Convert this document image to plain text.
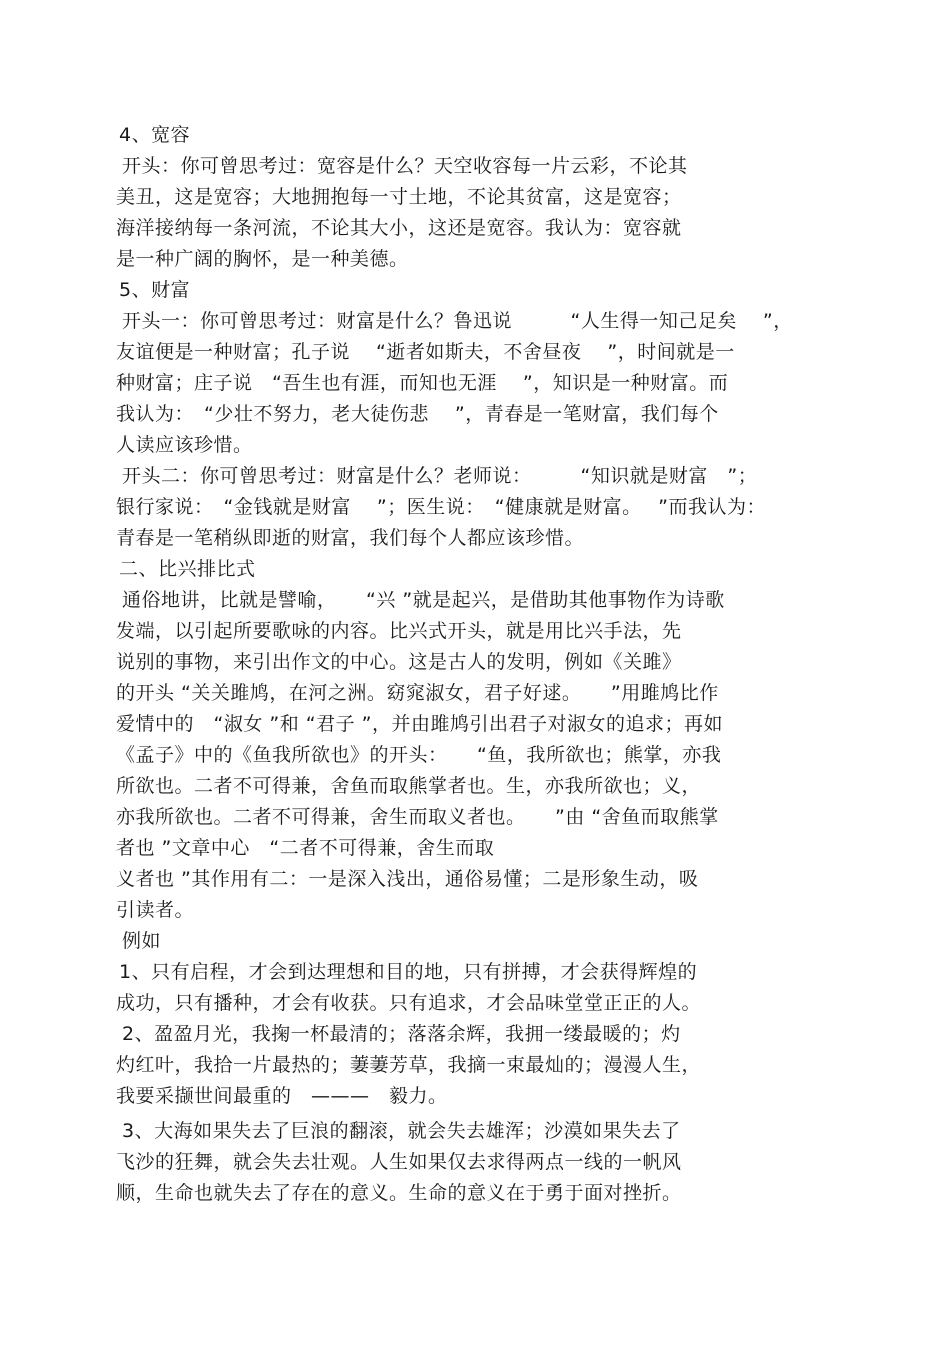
4、宽容
开头：你可曾思考过：宽容是什么？天空收容每一片云彩，不论其
美丑，这是宽容；大地拥抱每一寸土地，不论其贫富，这是宽容；
海洋接纳每一条河流，不论其大小，这还是宽容。我认为：宽容就
是一种广阔的胸怀，是一种美德。
5、财富
开头一：你可曾思考过：财富是什么？鲁迅说　　　“人生得一知己足矣　 ”，
友谊便是一种财富；孔子说　 “逝者如斯夫，不舍昼夜　 ”，时间就是一
种财富；庄子说　“吾生也有涯，而知也无涯　 ”，知识是一种财富。而
我认为：　“少壮不努力，老大徒伤悲　 ”，青春是一笔财富，我们每个
人读应该珍惜。
开头二：你可曾思考过：财富是什么？老师说：　　　“知识就是财富　”；
银行家说：　“金钱就是财富　 ”；医生说：　“健康就是财富。　 ”而我认为：
青春是一笔稍纵即逝的财富，我们每个人都应该珍惜。
二、比兴排比式
通俗地讲，比就是譬喻，　　“兴 ”就是起兴，是借助其他事物作为诗歌
发端，以引起所要歌咏的内容。比兴式开头，就是用比兴手法，先
说别的事物，来引出作文的中心。这是古人的发明，例如《关雎》
的开头 “关关雎鸠，在河之洲。窈窕淑女，君子好逑。　　”用雎鸠比作
爱情中的　“淑女 ”和 “君子 ”，并由雎鸠引出君子对淑女的追求；再如
《孟子》中的《鱼我所欲也》的开头：　　“鱼，我所欲也；熊掌，亦我
所欲也。二者不可得兼，舍鱼而取熊掌者也。生，亦我所欲也；义，
亦我所欲也。二者不可得兼，舍生而取义者也。　　”由 “舍鱼而取熊掌
者也 ”文章中心　“二者不可得兼，舍生而取
义者也 ”其作用有二：一是深入浅出，通俗易懂；二是形象生动，吸
引读者。
例如
1、只有启程，才会到达理想和目的地，只有拼搏，才会获得辉煌的
成功，只有播种，才会有收获。只有追求，才会品味堂堂正正的人。
2、盈盈月光，我掬一杯最清的；落落余辉，我拥一缕最暖的；灼
灼红叶，我拾一片最热的；萋萋芳草，我摘一束最灿的；漫漫人生，
我要采撷世间最重的　———　毅力。
3、大海如果失去了巨浪的翻滚，就会失去雄浑；沙漠如果失去了
飞沙的狂舞，就会失去壮观。人生如果仅去求得两点一线的一帆风
顺，生命也就失去了存在的意义。生命的意义在于勇于面对挫折。
